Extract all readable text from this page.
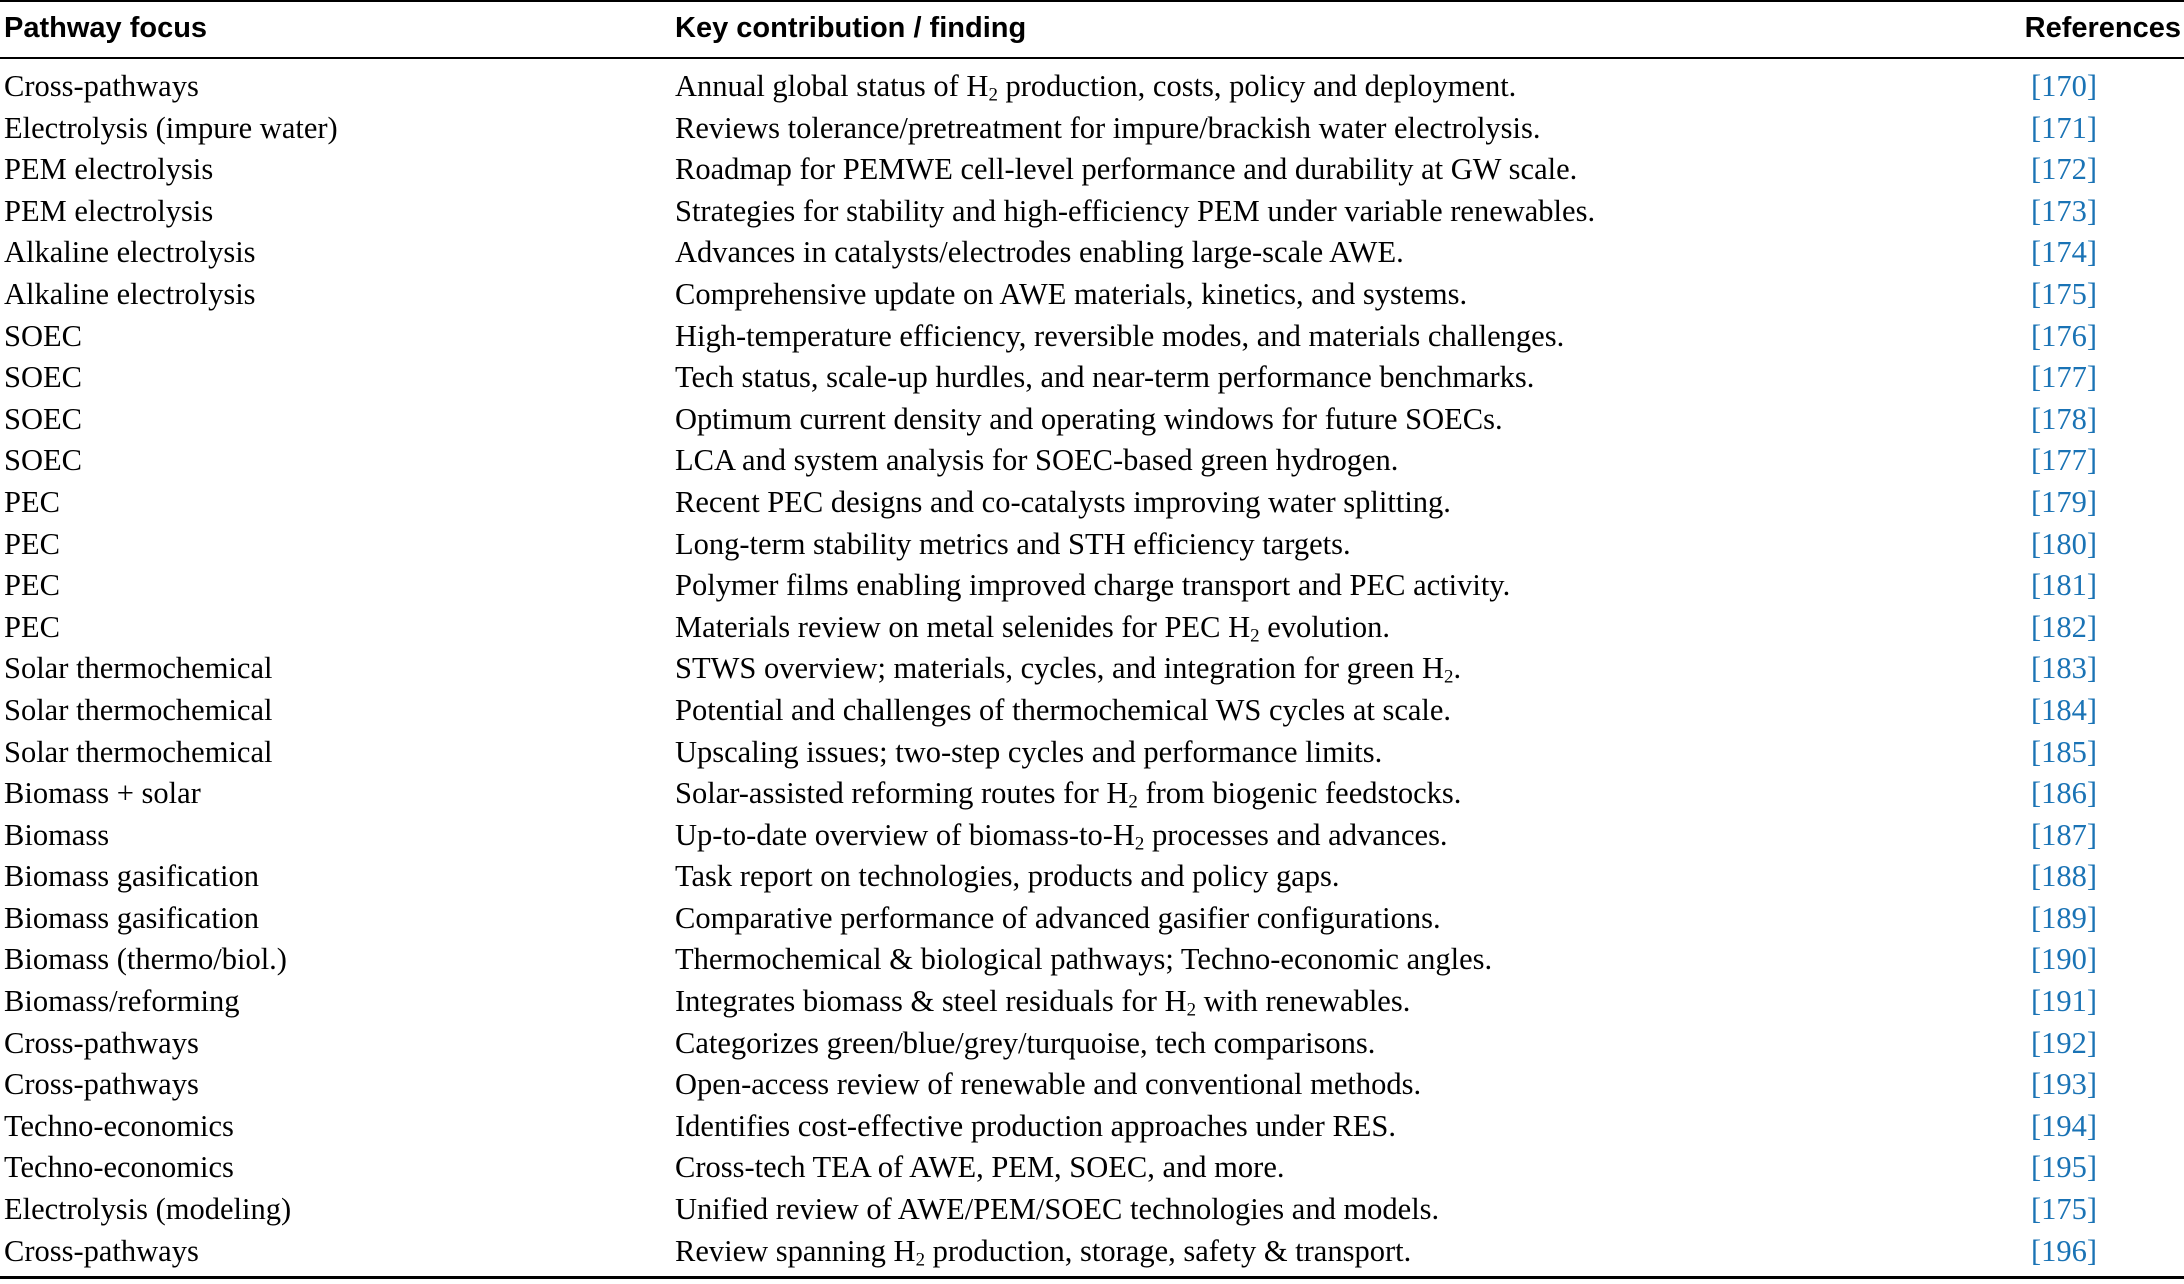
Pathway focus	Key contribution / finding	References
Cross-pathways	Annual global status of $H_2$ production, costs, policy and deployment.	[170]
Electrolysis (impure water)	Reviews tolerance/pretreatment for impure/brackish water electrolysis.	[171]
PEM electrolysis	Roadmap for PEMWE cell-level performance and durability at GW scale.	[172]
PEM electrolysis	Strategies for stability and high-efficiency PEM under variable renewables.	[173]
Alkaline electrolysis	Advances in catalysts/electrodes enabling large-scale AWE.	[174]
Alkaline electrolysis	Comprehensive update on AWE materials, kinetics, and systems.	[175]
SOEC	High-temperature efficiency, reversible modes, and materials challenges.	[176]
SOEC	Tech status, scale-up hurdles, and near-term performance benchmarks.	[177]
SOEC	Optimum current density and operating windows for future SOECs.	[178]
SOEC	LCA and system analysis for SOEC-based green hydrogen.	[177]
PEC	Recent PEC designs and co-catalysts improving water splitting.	[179]
PEC	Long-term stability metrics and STH efficiency targets.	[180]
PEC	Polymer films enabling improved charge transport and PEC activity.	[181]
PEC	Materials review on metal selenides for PEC $H_2$ evolution.	[182]
Solar thermochemical	STWS overview; materials, cycles, and integration for green $H_2$.	[183]
Solar thermochemical	Potential and challenges of thermochemical WS cycles at scale.	[184]
Solar thermochemical	Upscaling issues; two-step cycles and performance limits.	[185]
Biomass + solar	Solar-assisted reforming routes for $H_2$ from biogenic feedstocks.	[186]
Biomass	Up-to-date overview of biomass-$to-H_2$ processes and advances.	[187]
Biomass gasification	Task report on technologies, products and policy gaps.	[188]
Biomass gasification	Comparative performance of advanced gasifier configurations.	[189]
Biomass (thermo/biol.)	Thermochemical & biological pathways; Techno-economic angles.	[190]
Biomass/reforming	Integrates biomass & steel residuals for $H_2$ with renewables.	[191]
Cross-pathways	Categorizes green/blue/grey/turquoise, tech comparisons.	[192]
Cross-pathways	Open-access review of renewable and conventional methods.	[193]
Techno-economics	Identifies cost-effective production approaches under RES.	[194]
Techno-economics	Cross-tech TEA of AWE, PEM, SOEC, and more.	[195]
Electrolysis (modeling)	Unified review of AWE/PEM/SOEC technologies and models.	[175]
Cross-pathways	Review spanning $H_2$ production, storage, safety & transport.	[196]
